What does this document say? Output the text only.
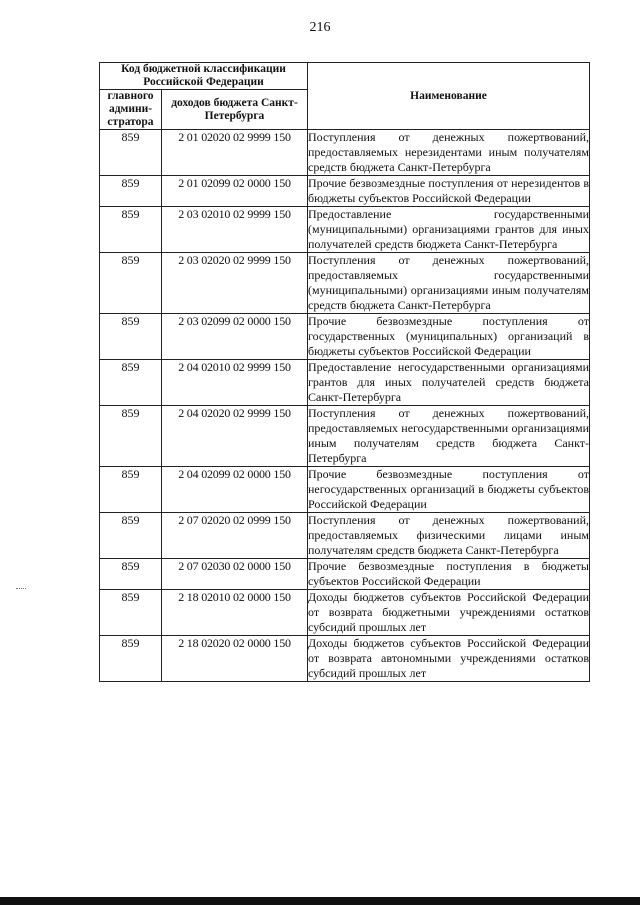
216
Код бюджетной классификации Российской Федерации		Наименование
главного админи-стратора	доходов бюджета Санкт-Петербурга	
859	2 01 02020 02 9999 150	Поступления от денежных пожертвований, предоставляемых нерезидентами иным получателям средств бюджета Санкт-Петербурга
859	2 01 02099 02 0000 150	Прочие безвозмездные поступления от нерезидентов в бюджеты субъектов Российской Федерации
859	2 03 02010 02 9999 150	Предоставление государственными (муниципальными) организациями грантов для иных получателей средств бюджета Санкт-Петербурга
859	2 03 02020 02 9999 150	Поступления от денежных пожертвований, предоставляемых государственными (муниципальными) организациями иным получателям средств бюджета Санкт-Петербурга
859	2 03 02099 02 0000 150	Прочие безвозмездные поступления от государственных (муниципальных) организаций в бюджеты субъектов Российской Федерации
859	2 04 02010 02 9999 150	Предоставление негосударственными организациями грантов для иных получателей средств бюджета Санкт-Петербурга
859	2 04 02020 02 9999 150	Поступления от денежных пожертвований, предоставляемых негосударственными организациями иным получателям средств бюджета Санкт-Петербурга
859	2 04 02099 02 0000 150	Прочие безвозмездные поступления от негосударственных организаций в бюджеты субъектов Российской Федерации
859	2 07 02020 02 0999 150	Поступления от денежных пожертвований, предоставляемых физическими лицами иным получателям средств бюджета Санкт-Петербурга
859	2 07 02030 02 0000 150	Прочие безвозмездные поступления в бюджеты субъектов Российской Федерации
859	2 18 02010 02 0000 150	Доходы бюджетов субъектов Российской Федерации от возврата бюджетными учреждениями остатков субсидий прошлых лет
859	2 18 02020 02 0000 150	Доходы бюджетов субъектов Российской Федерации от возврата автономными учреждениями остатков субсидий прошлых лет
